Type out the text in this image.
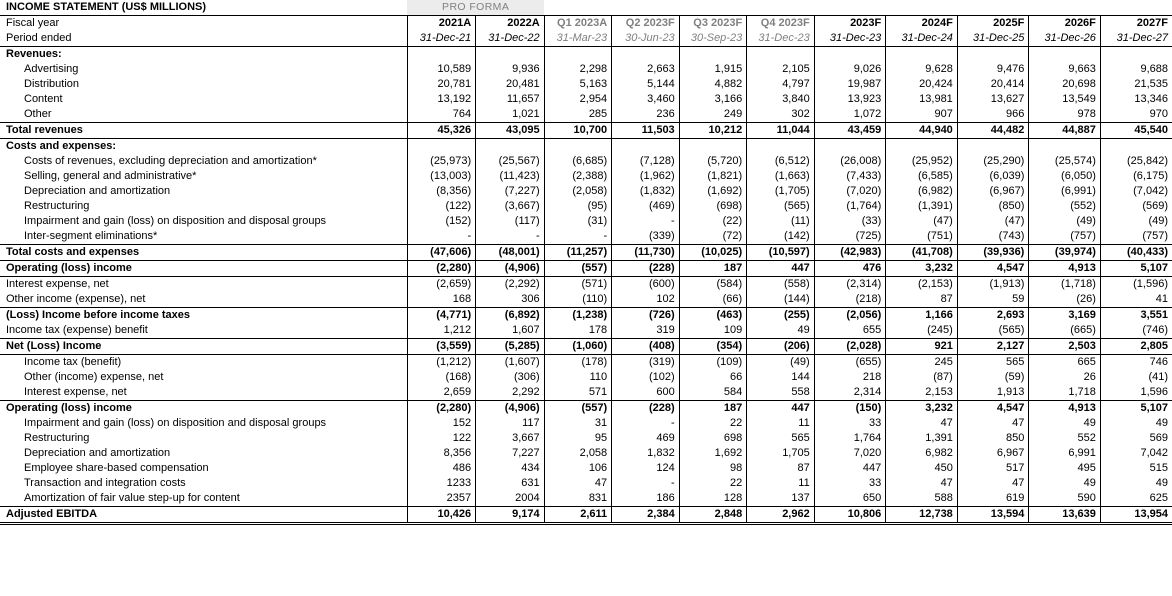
INCOME STATEMENT (US$ MILLIONS)	PRO FORMA										
Fiscal year	2021A	2022A	Q1 2023A	Q2 2023F	Q3 2023F	Q4 2023F	2023F	2024F	2025F	2026F	2027F
Period ended	31-Dec-21	31-Dec-22	31-Mar-23	30-Jun-23	30-Sep-23	31-Dec-23	31-Dec-23	31-Dec-24	31-Dec-25	31-Dec-26	31-Dec-27
Revenues:											
Advertising	10,589	9,936	2,298	2,663	1,915	2,105	9,026	9,628	9,476	9,663	9,688
Distribution	20,781	20,481	5,163	5,144	4,882	4,797	19,987	20,424	20,414	20,698	21,535
Content	13,192	11,657	2,954	3,460	3,166	3,840	13,923	13,981	13,627	13,549	13,346
Other	764	1,021	285	236	249	302	1,072	907	966	978	970
Total revenues	45,326	43,095	10,700	11,503	10,212	11,044	43,459	44,940	44,482	44,887	45,540
Costs and expenses:											
Costs of revenues, excluding depreciation and amortization*	(25,973)	(25,567)	(6,685)	(7,128)	(5,720)	(6,512)	(26,008)	(25,952)	(25,290)	(25,574)	(25,842)
Selling, general and administrative*	(13,003)	(11,423)	(2,388)	(1,962)	(1,821)	(1,663)	(7,433)	(6,585)	(6,039)	(6,050)	(6,175)
Depreciation and amortization	(8,356)	(7,227)	(2,058)	(1,832)	(1,692)	(1,705)	(7,020)	(6,982)	(6,967)	(6,991)	(7,042)
Restructuring	(122)	(3,667)	(95)	(469)	(698)	(565)	(1,764)	(1,391)	(850)	(552)	(569)
Impairment and gain (loss) on disposition and disposal groups	(152)	(117)	(31)	-	(22)	(11)	(33)	(47)	(47)	(49)	(49)
Inter-segment eliminations*	-	-	-	(339)	(72)	(142)	(725)	(751)	(743)	(757)	(757)
Total costs and expenses	(47,606)	(48,001)	(11,257)	(11,730)	(10,025)	(10,597)	(42,983)	(41,708)	(39,936)	(39,974)	(40,433)
Operating (loss) income	(2,280)	(4,906)	(557)	(228)	187	447	476	3,232	4,547	4,913	5,107
Interest expense, net	(2,659)	(2,292)	(571)	(600)	(584)	(558)	(2,314)	(2,153)	(1,913)	(1,718)	(1,596)
Other income (expense), net	168	306	(110)	102	(66)	(144)	(218)	87	59	(26)	41
(Loss) Income before income taxes	(4,771)	(6,892)	(1,238)	(726)	(463)	(255)	(2,056)	1,166	2,693	3,169	3,551
Income tax (expense) benefit	1,212	1,607	178	319	109	49	655	(245)	(565)	(665)	(746)
Net (Loss) Income	(3,559)	(5,285)	(1,060)	(408)	(354)	(206)	(2,028)	921	2,127	2,503	2,805
Income tax (benefit)	(1,212)	(1,607)	(178)	(319)	(109)	(49)	(655)	245	565	665	746
Other (income) expense, net	(168)	(306)	110	(102)	66	144	218	(87)	(59)	26	(41)
Interest expense, net	2,659	2,292	571	600	584	558	2,314	2,153	1,913	1,718	1,596
Operating (loss) income	(2,280)	(4,906)	(557)	(228)	187	447	(150)	3,232	4,547	4,913	5,107
Impairment and gain (loss) on disposition and disposal groups	152	117	31	-	22	11	33	47	47	49	49
Restructuring	122	3,667	95	469	698	565	1,764	1,391	850	552	569
Depreciation and amortization	8,356	7,227	2,058	1,832	1,692	1,705	7,020	6,982	6,967	6,991	7,042
Employee share-based compensation	486	434	106	124	98	87	447	450	517	495	515
Transaction and integration costs	1233	631	47	-	22	11	33	47	47	49	49
Amortization of fair value step-up for content	2357	2004	831	186	128	137	650	588	619	590	625
Adjusted EBITDA	10,426	9,174	2,611	2,384	2,848	2,962	10,806	12,738	13,594	13,639	13,954
